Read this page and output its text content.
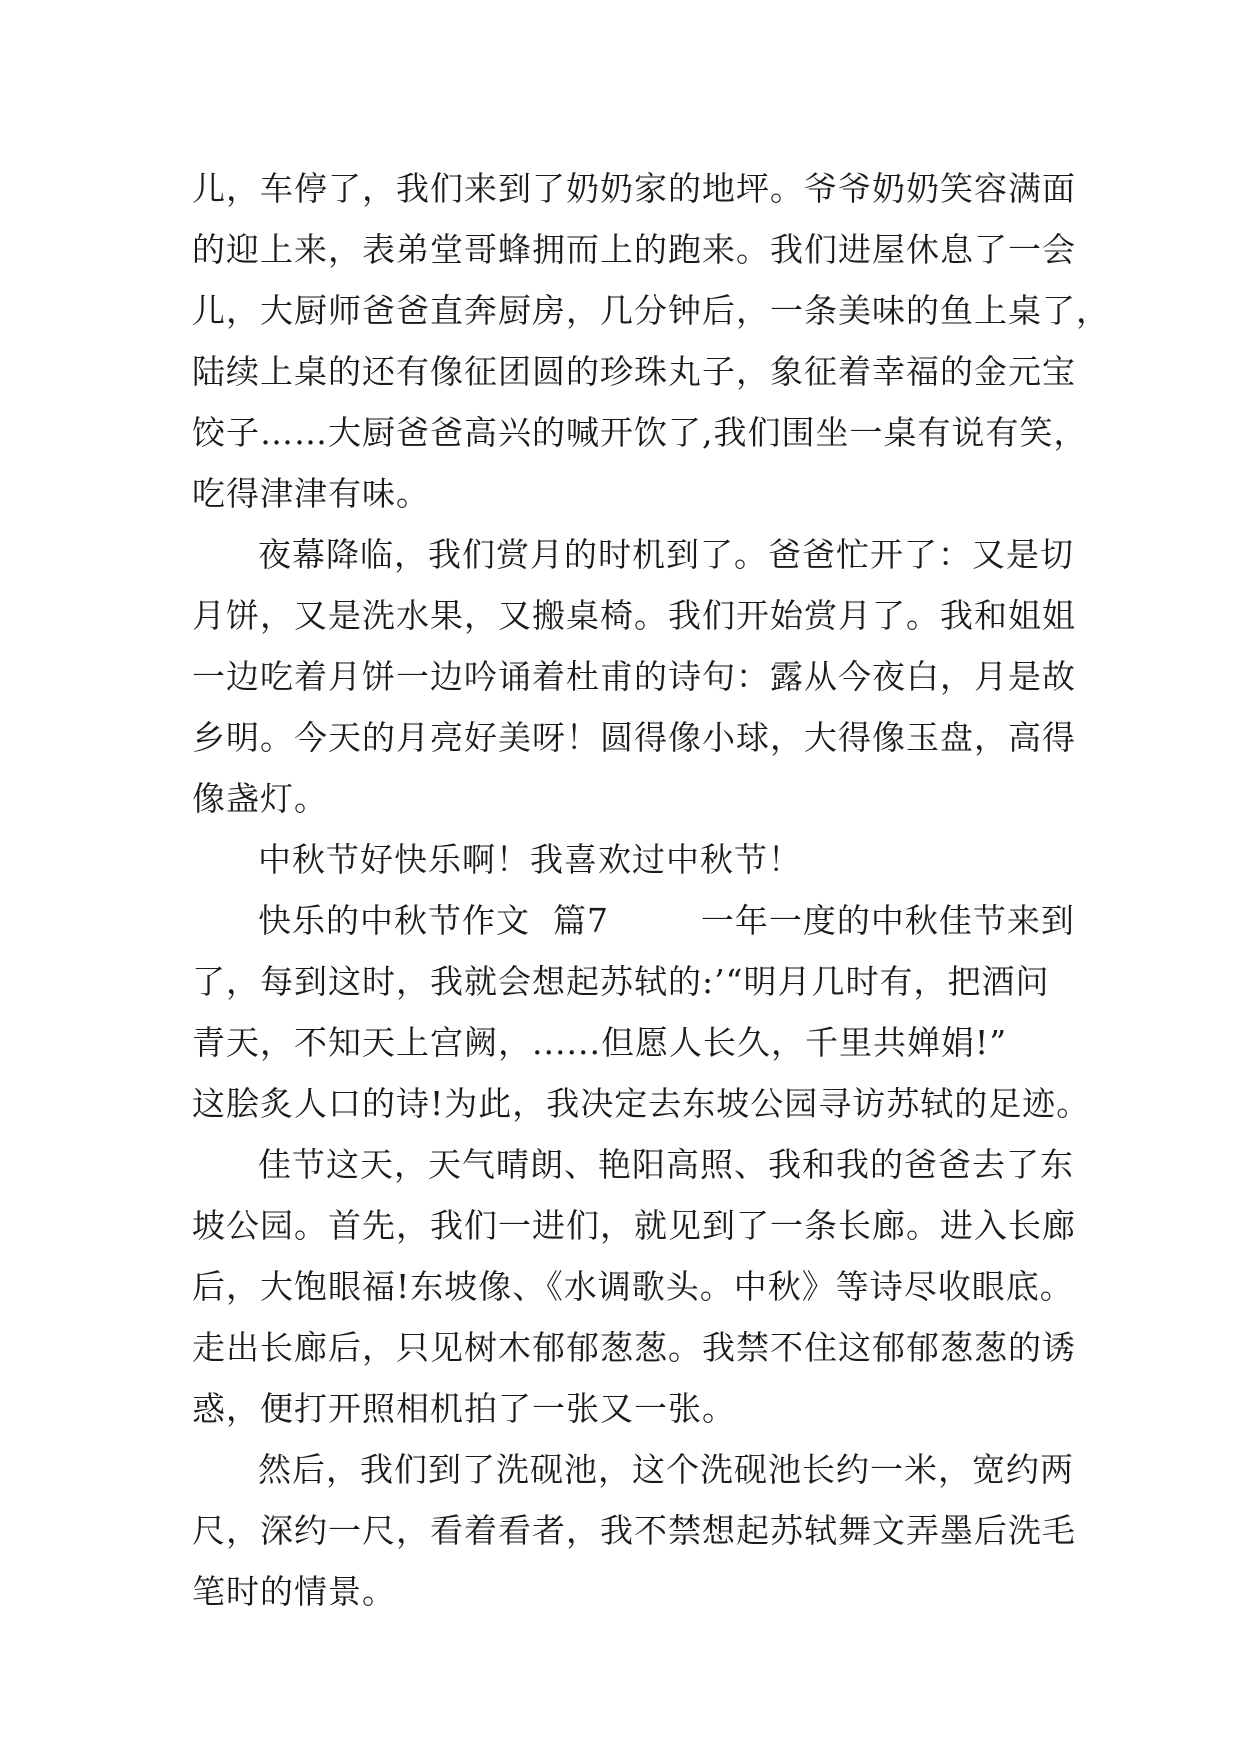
儿，车停了，我们来到了奶奶家的地坪。爷爷奶奶笑容满面
的迎上来，表弟堂哥蜂拥而上的跑来。我们进屋休息了一会
儿，大厨师爸爸直奔厨房，几分钟后，一条美味的鱼上桌了，
陆续上桌的还有像征团圆的珍珠丸子，象征着幸福的金元宝
饺子……大厨爸爸高兴的喊开饮了,我们围坐一桌有说有笑，
吃得津津有味。
夜幕降临，我们赏月的时机到了。爸爸忙开了：又是切
月饼，又是洗水果，又搬桌椅。我们开始赏月了。我和姐姐
一边吃着月饼一边吟诵着杜甫的诗句：露从今夜白，月是故
乡明。今天的月亮好美呀！圆得像小球，大得像玉盘，高得
像盏灯。
中秋节好快乐啊！我喜欢过中秋节！
快乐的中秋节作文  篇7        一年一度的中秋佳节来到
了，每到这时，我就会想起苏轼的:’“明月几时有，把酒问
青天，不知天上宫阙，......但愿人长久，千里共婵娟!”
这脍炙人口的诗!为此，我决定去东坡公园寻访苏轼的足迹。
佳节这天，天气晴朗、艳阳高照、我和我的爸爸去了东
坡公园。首先，我们一进们，就见到了一条长廊。进入长廊
后，大饱眼福!东坡像、《水调歌头。中秋》等诗尽收眼底。
走出长廊后，只见树木郁郁葱葱。我禁不住这郁郁葱葱的诱
惑，便打开照相机拍了一张又一张。
然后，我们到了洗砚池，这个洗砚池长约一米，宽约两
尺，深约一尺，看着看者，我不禁想起苏轼舞文弄墨后洗毛
笔时的情景。
